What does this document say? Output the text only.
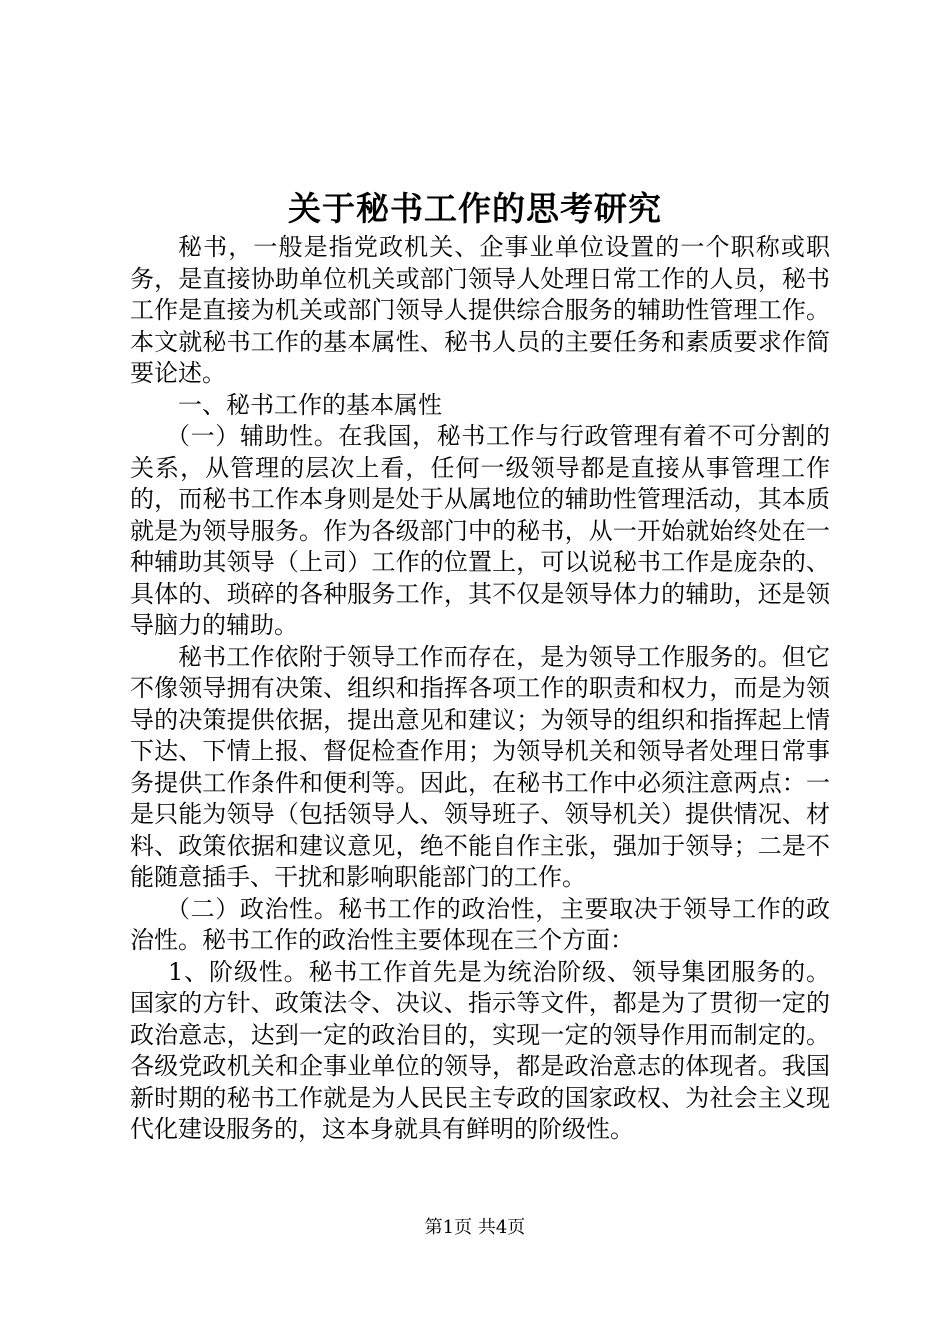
关于秘书工作的思考研究

秘书，一般是指党政机关、企事业单位设置的一个职称或职务，是直接协助单位机关或部门领导人处理日常工作的人员，秘书工作是直接为机关或部门领导人提供综合服务的辅助性管理工作。本文就秘书工作的基本属性、秘书人员的主要任务和素质要求作简要论述。

一、秘书工作的基本属性

（一）辅助性。在我国，秘书工作与行政管理有着不可分割的关系，从管理的层次上看，任何一级领导都是直接从事管理工作的，而秘书工作本身则是处于从属地位的辅助性管理活动，其本质就是为领导服务。作为各级部门中的秘书，从一开始就始终处在一种辅助其领导（上司）工作的位置上，可以说秘书工作是庞杂的、具体的、琐碎的各种服务工作，其不仅是领导体力的辅助，还是领导脑力的辅助。

秘书工作依附于领导工作而存在，是为领导工作服务的。但它不像领导拥有决策、组织和指挥各项工作的职责和权力，而是为领导的决策提供依据，提出意见和建议；为领导的组织和指挥起上情下达、下情上报、督促检查作用；为领导机关和领导者处理日常事务提供工作条件和便利等。因此，在秘书工作中必须注意两点：一是只能为领导（包括领导人、领导班子、领导机关）提供情况、材料、政策依据和建议意见，绝不能自作主张，强加于领导；二是不能随意插手、干扰和影响职能部门的工作。

（二）政治性。秘书工作的政治性，主要取决于领导工作的政治性。秘书工作的政治性主要体现在三个方面：

1、阶级性。秘书工作首先是为统治阶级、领导集团服务的。国家的方针、政策法令、决议、指示等文件，都是为了贯彻一定的政治意志，达到一定的政治目的，实现一定的领导作用而制定的。各级党政机关和企事业单位的领导，都是政治意志的体现者。我国新时期的秘书工作就是为人民民主专政的国家政权、为社会主义现代化建设服务的，这本身就具有鲜明的阶级性。

第1页 共4页
